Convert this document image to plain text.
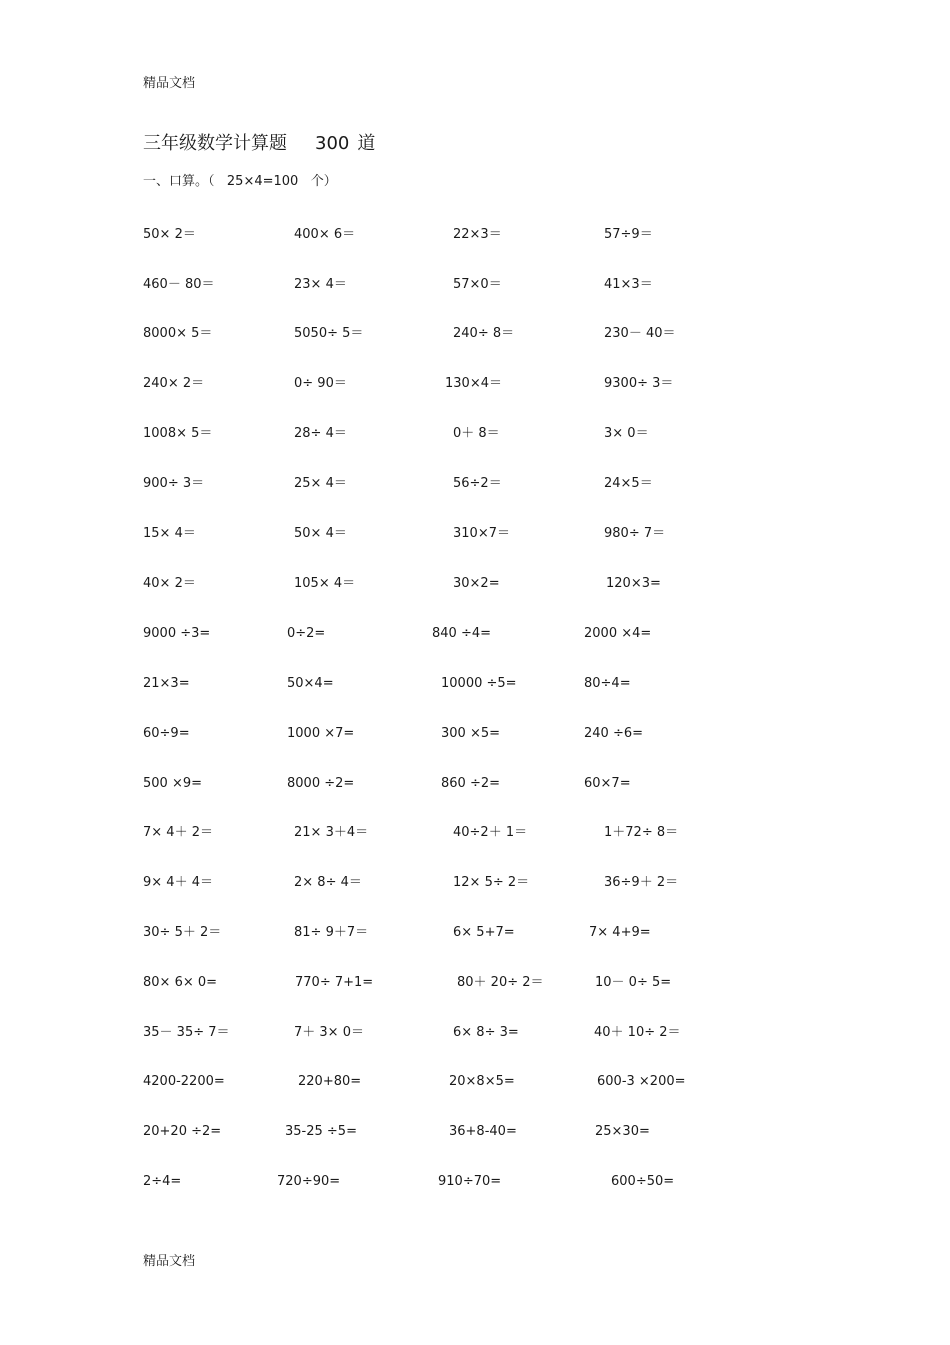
精品文档
三年级数学计算题 300 道
一、口算。（   25×4=100   个）
50× 2＝	400× 6＝	22×3＝	57÷9＝
460－ 80＝	23× 4＝	57×0＝	41×3＝
8000× 5＝	5050÷ 5＝	240÷ 8＝	230－ 40＝
240× 2＝	0÷ 90＝	130×4＝	9300÷ 3＝
1008× 5＝	28÷ 4＝	0＋ 8＝	3× 0＝
900÷ 3＝	25× 4＝	56÷2＝	24×5＝
15× 4＝	50× 4＝	310×7＝	980÷ 7＝
40× 2＝	105× 4＝	30×2=	120×3=
9000 ÷3=	0÷2=	840 ÷4=	2000 ×4=
21×3=	50×4=	10000 ÷5=	80÷4=
60÷9=	1000 ×7=	300 ×5=	240 ÷6=
500 ×9=	8000 ÷2=	860 ÷2=	60×7=
7× 4＋ 2＝	21× 3＋4＝	40÷2＋ 1＝	1＋72÷ 8＝
9× 4＋ 4＝	2× 8÷ 4＝	12× 5÷ 2＝	36÷9＋ 2＝
30÷ 5＋ 2＝	81÷ 9＋7＝	6× 5+7=	7× 4+9=
80× 6× 0=	770÷ 7+1=	80＋ 20÷ 2＝	10－ 0÷ 5=
35－ 35÷ 7＝	7＋ 3× 0＝	6× 8÷ 3=	40＋ 10÷ 2＝
4200-2200=	220+80=	20×8×5=	600-3 ×200=
20+20 ÷2=	35-25 ÷5=	36+8-40=	25×30=
2÷4=	720÷90=	910÷70=	600÷50=
精品文档
